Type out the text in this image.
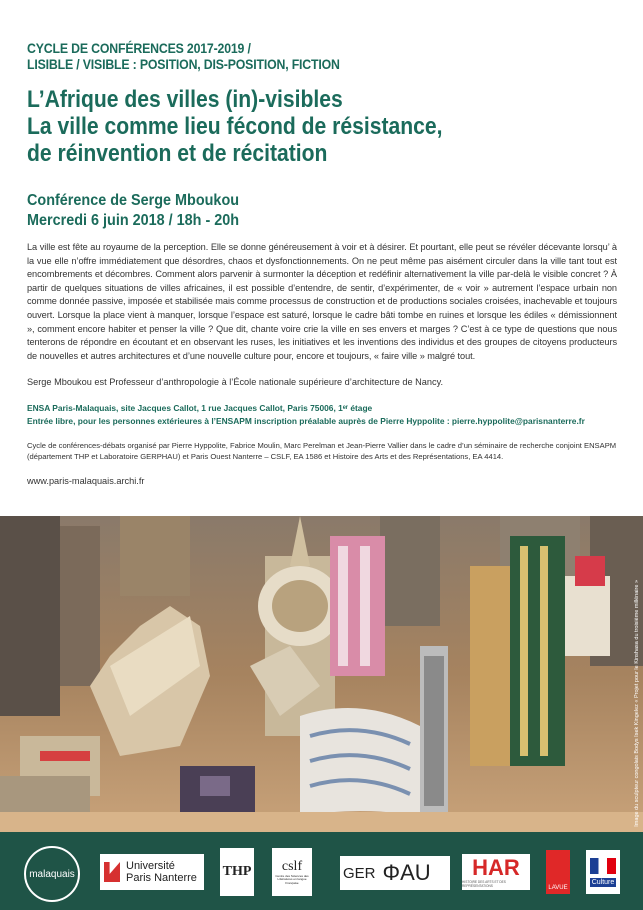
CYCLE DE CONFÉRENCES 2017-2019 /
LISIBLE / VISIBLE : POSITION, DIS-POSITION, FICTION
L’Afrique des villes (in)-visibles
La ville comme lieu fécond de résistance,
de réinvention et de récitation
Conférence de Serge Mboukou
Mercredi 6 juin 2018 / 18h - 20h
La ville est fête au royaume de la perception. Elle se donne généreusement à voir et à désirer. Et pourtant, elle peut se révéler décevante lorsqu’ à la vue elle n’offre immédiatement que désordres, chaos et dysfonctionnements. On ne peut même pas aisément circuler dans la ville tant tout est encombrements et décombres. Comment alors parvenir à surmonter la déception et redéfinir alternativement la ville par-delà le visible concret ? À partir de quelques situations de villes africaines, il est possible d’entendre, de sentir, d’expérimenter, de « voir » autrement l’espace urbain non comme donnée passive, imposée et stabilisée mais comme processus de construction et de productions sociales croisées, inachevable et toujours ouvert. Lorsque la place vient à manquer, lorsque l’espace est saturé, lorsque le cadre bâti tombe en ruines et lorsque les édiles « démissionnent », comment encore habiter et penser la ville ? Que dit, chante voire crie la ville en ses envers et marges ? C’est à ce type de questions que nous tenterons de répondre en écoutant et en observant les ruses, les initiatives et les inventions des individus et des groupes de citoyens producteurs de nouvelles et autres architectures et d’une nouvelle culture pour, encore et toujours, « faire ville » malgré tout.
Serge Mboukou est Professeur d’anthropologie à l’École nationale supérieure d’architecture de Nancy.
ENSA Paris-Malaquais, site Jacques Callot, 1 rue Jacques Callot, Paris 75006, 1ᵉʳ étage
Entrée libre, pour les personnes extérieures à l’ENSAPM inscription préalable auprès de Pierre Hyppolite : pierre.hyppolite@parisnanterre.fr
Cycle de conférences-débats organisé par Pierre Hyppolite, Fabrice Moulin, Marc Perelman et Jean-Pierre Vallier dans le cadre d’un séminaire de recherche conjoint ENSAPM (département THP et Laboratoire GERPHAU) et Paris Ouest Nanterre – CSLF, EA 1586 et Histoire des Arts et des Représentations, EA 4414.
www.paris-malaquais.archi.fr
Image du sculpteur congolais Bodys Isek Kingelez « Projet pour le Kinshasa du troisième millénaire »
malaquais
Université
Paris Nanterre THP cslf
Centre des Sciences des Littératures en langue Française
GER ΦAU HAR
HISTOIRE DES ARTS ET DES REPRÉSENTATIONS	LAVUE
Culture
